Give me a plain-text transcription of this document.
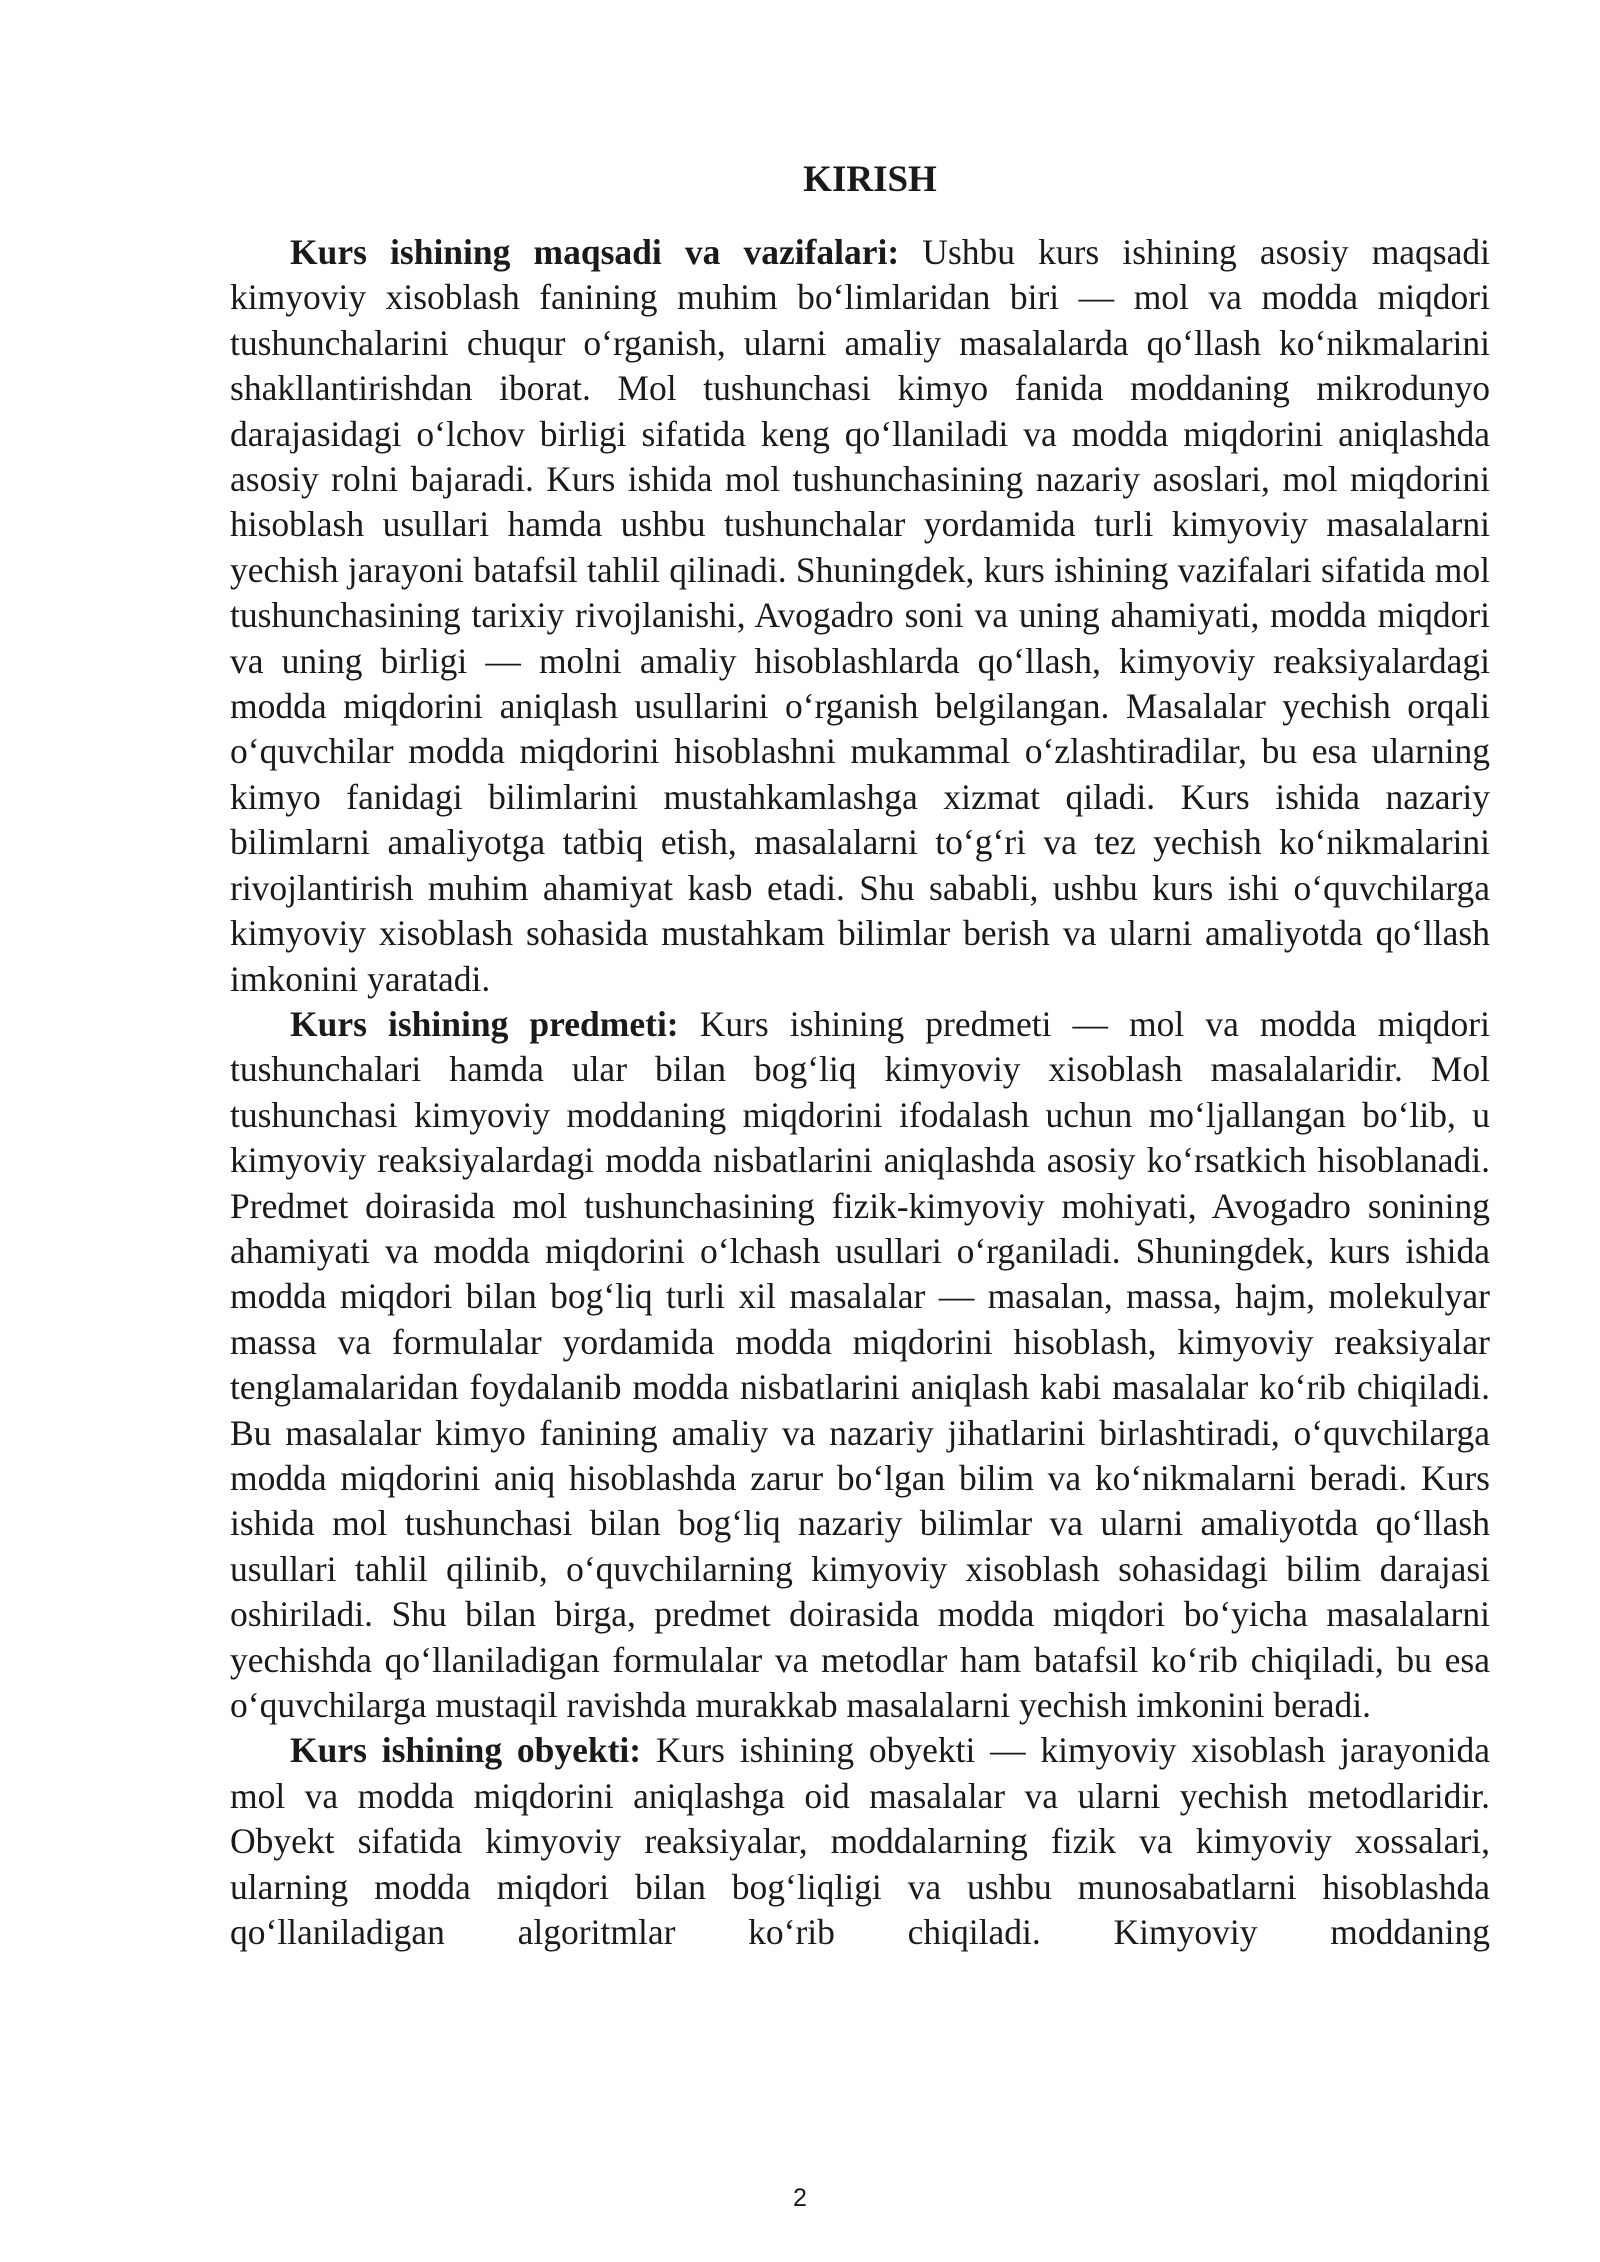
KIRISH

Kurs ishining maqsadi va vazifalari: Ushbu kurs ishining asosiy maqsadi kimyoviy xisoblash fanining muhim bo‘limlaridan biri — mol va modda miqdori tushunchalarini chuqur o‘rganish, ularni amaliy masalalarda qo‘llash ko‘nikmalarini shakllantirishdan iborat. Mol tushunchasi kimyo fanida moddaning mikrodunyo darajasidagi o‘lchov birligi sifatida keng qo‘llaniladi va modda miqdorini aniqlashda asosiy rolni bajaradi. Kurs ishida mol tushunchasining nazariy asoslari, mol miqdorini hisoblash usullari hamda ushbu tushunchalar yordamida turli kimyoviy masalalarni yechish jarayoni batafsil tahlil qilinadi. Shuningdek, kurs ishining vazifalari sifatida mol tushunchasining tarixiy rivojlanishi, Avogadro soni va uning ahamiyati, modda miqdori va uning birligi — molni amaliy hisoblashlarda qo‘llash, kimyoviy reaksiyalardagi modda miqdorini aniqlash usullarini o‘rganish belgilangan. Masalalar yechish orqali o‘quvchilar modda miqdorini hisoblashni mukammal o‘zlashtiradilar, bu esa ularning kimyo fanidagi bilimlarini mustahkamlashga xizmat qiladi. Kurs ishida nazariy bilimlarni amaliyotga tatbiq etish, masalalarni to‘g‘ri va tez yechish ko‘nikmalarini rivojlantirish muhim ahamiyat kasb etadi. Shu sababli, ushbu kurs ishi o‘quvchilarga kimyoviy xisoblash sohasida mustahkam bilimlar berish va ularni amaliyotda qo‘llash imkonini yaratadi.

Kurs ishining predmeti: Kurs ishining predmeti — mol va modda miqdori tushunchalari hamda ular bilan bog‘liq kimyoviy xisoblash masalalaridir. Mol tushunchasi kimyoviy moddaning miqdorini ifodalash uchun mo‘ljallangan bo‘lib, u kimyoviy reaksiyalardagi modda nisbatlarini aniqlashda asosiy ko‘rsatkich hisoblanadi. Predmet doirasida mol tushunchasining fizik-kimyoviy mohiyati, Avogadro sonining ahamiyati va modda miqdorini o‘lchash usullari o‘rganiladi. Shuningdek, kurs ishida modda miqdori bilan bog‘liq turli xil masalalar — masalan, massa, hajm, molekulyar massa va formulalar yordamida modda miqdorini hisoblash, kimyoviy reaksiyalar tenglamalaridan foydalanib modda nisbatlarini aniqlash kabi masalalar ko‘rib chiqiladi. Bu masalalar kimyo fanining amaliy va nazariy jihatlarini birlashtiradi, o‘quvchilarga modda miqdorini aniq hisoblashda zarur bo‘lgan bilim va ko‘nikmalarni beradi. Kurs ishida mol tushunchasi bilan bog‘liq nazariy bilimlar va ularni amaliyotda qo‘llash usullari tahlil qilinib, o‘quvchilarning kimyoviy xisoblash sohasidagi bilim darajasi oshiriladi. Shu bilan birga, predmet doirasida modda miqdori bo‘yicha masalalarni yechishda qo‘llaniladigan formulalar va metodlar ham batafsil ko‘rib chiqiladi, bu esa o‘quvchilarga mustaqil ravishda murakkab masalalarni yechish imkonini beradi.

Kurs ishining obyekti: Kurs ishining obyekti — kimyoviy xisoblash jarayonida mol va modda miqdorini aniqlashga oid masalalar va ularni yechish metodlaridir. Obyekt sifatida kimyoviy reaksiyalar, moddalarning fizik va kimyoviy xossalari, ularning modda miqdori bilan bog‘liqligi va ushbu munosabatlarni hisoblashda qo‘llaniladigan algoritmlar ko‘rib chiqiladi. Kimyoviy moddaning

2
